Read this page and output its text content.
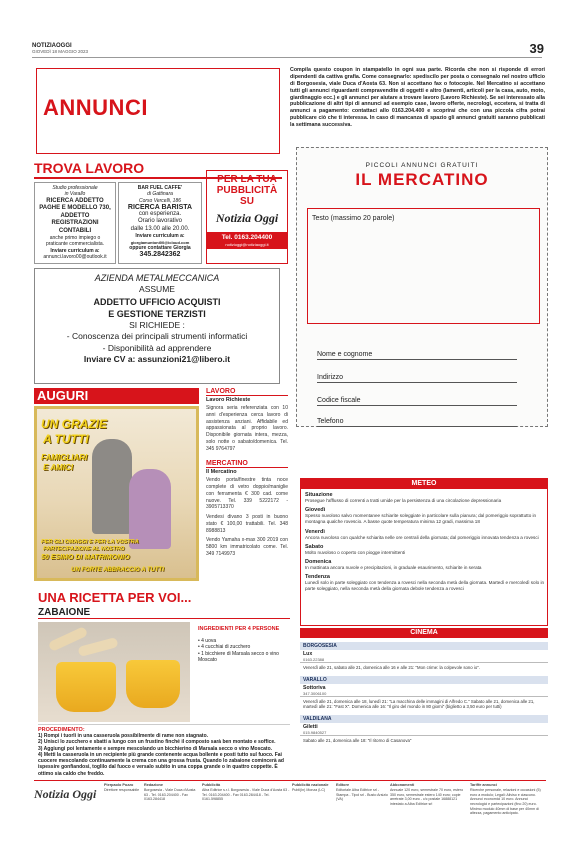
NOTIZIAOGGI
GIOVEDÌ 18 MAGGIO 2023	39
ANNUNCI
Compila questo coupon in stampatello in ogni sua parte. Ricorda che non si risponde di errori dipendenti da cattiva grafia. Come consegnarlo: spedisciIo per posta o consegnalo nel nostro ufficio di Borgosesia, viale Duca d'Aosta 63. Non si accettano fax o fotocopie. Nel Mercatino si accettano tutti gli annunci riguardanti compravendite di oggetti e altro (lamenti, articoli per la casa, auto, moto, giardinaggio ecc.) e gli annunci per aiutare a trovare lavoro (Lavoro Richieste). Se sei interessato alla pubblicazione di altri tipi di annunci ad esempio case, lavoro offerte, necrologi, eccetera, si tratta di annunci a pagamento: contattaci allo 0163.204.400 e scoprirai che con una piccola cifra potrai pubblicare ciò che ti interessa. In caso di mancanza di spazio gli annunci gratuiti saranno pubblicati la settimana successiva.
TROVA LAVORO
Studio professionale
in Varallo
RICERCA ADDETTO
PAGHE E MODELLO 730,
ADDETTO
REGISTRAZIONI
CONTABILI
anche primo impiego o
praticante commercialista.
Inviare curriculum a:
annunci.lavoro00@outlook.it
BAR FUEL CAFFE'
di Gattinara
Corso Vercelli, 186
RICERCA BARISTA
con esperienza.
Orario lavorativo
dalle 13.00 alle 20.00.
Inviare curriculum a:
giorgiamuntoni00@icloud.com
oppure contattare Giorgia
345.2842362
PER LA TUA
PUBBLICITÀ
SU
Notizia Oggi
Tel. 0163.204400
notizioggi@notiziaoggi.it
AZIENDA METALMECCANICA
ASSUME
ADDETTO UFFICIO ACQUISTI
E GESTIONE TERZISTI
SI RICHIEDE :
- Conoscenza dei principali strumenti informatici
- Disponibilità ad apprendere
Inviare CV a: assunzioni21@libero.it
PICCOLI ANNUNCI GRATUITI
IL MERCATINO
Testo (massimo 20 parole)
Nome e cognome
Indirizzo
Codice fiscale
Telefono
AUGURI
UN GRAZIE
A TUTTI
FAMIGLIARI
E AMICI
PER GLI OMAGGI E PER LA VOSTRA
PARTECIPAZIONE AL NOSTRO
50 ESIMO DI MATRIMONIO
UN FORTE ABBRACCIO A TUTTI
LAVORO
Lavoro Richieste
Signora seria referenziata con 10 anni d'esperienza cerca lavoro di assistenza anziani. Affidabile ed appassionata al proprio lavoro. Disponibile giornata intera, mezza, solo notte o sabato/domenica. Tel. 345 9764797
MERCATINO
Il Mercatino
Vendo porta/finestre tinta noce complete di vetro doppio/maniglie con ferramenta € 300 cad. come nuove. Tel. 339 5222172 - 3905713370
Vendesi divano 3 posti in buono stato € 100,00 trattabili. Tel. 348 8988813
Vendo Yamaha x-max 300 2019 con 5800 km immatricolato come. Tel. 349 7149973
METEO
Situazione
Prosegue l'afflusso di correnti a tratti umide per la persistenza di una circolazione depressionaria
Giovedì
Spesso nuvoloso salvo momentanee schiarite soleggiate in particolare sulla pianura; dal pomeriggio soprattutto in montagna qualche rovescio. A basse quote temperatura minima 12 gradi, massima 18
Venerdì
Ancora nuvoloso con qualche schiarita nelle ore centrali della giornata; dal pomeriggio innovata tendenza a rovesci
Sabato
Molto nuvoloso o coperto con piogge intermittenti
Domenica
In mattinata ancora nuvole e precipitazioni, in graduale esaurimento, schiarite in serata
Tendenza
Lunedì solo in parte soleggiato con tendenza a rovesci nella seconda metà della giornata. Martedì e mercoledì solo in parte soleggiato, nella seconda metà della giornata debole tendenza a rovesci
CINEMA
BORGOSESIA
Lux
0163.22388
Venerdì alle 21, sabato alle 21, domenica alle 16 e alle 21: "Mon crime: la colpevole sono io".
VARALLO
Sottoriva
347.3006100
Venerdì alle 21, domenica alle 18, lunedì 21: "La macchina delle immagini di Alfredo C." Sabato alle 21, domenica alle 21, martedì alle 21: "Fast X". Domenica alle 16: "Il giro del mondo in 80 giorni" (biglietto a 3,50 euro per tutti)
VALDILANA
Giletti
015.9840527
Sabato alle 21, domenica alle 18: "Il ritorno di Casanova"
UNA RICETTA PER VOI...
ZABAIONE
INGREDIENTI PER 4 PERSONE
• 4 uova
• 4 cucchiai di zucchero
• 1 bicchiere di Marsala secco o vino Moscato
PROCEDIMENTO:
1) Rompi i tuorli in una casseruola possibilmente di rame non stagnato.
2) Unisci lo zucchero e sbatti a lungo con un frustino finché il composto sarà ben montato e soffice.
3) Aggiungi poi lentamente e sempre mescolando un bicchierino di Marsala secco o vino Moscato.
4) Metti la casseruola in un recipiente più grande contenente acqua bollente e posti tutto sul fuoco. Fai cuocere mescolando continuamente la crema con una grossa frusta. Quando lo zabaione comincerà ad ispessire gonfiandosi, toglilo dal fuoco e versalo subito in una coppa grande o in quattro coppette. È ottimo sia caldo che freddo.
Notizia Oggi
Pierpaolo Pozzo
Direttore responsabile
Redazione
Borgosesia - Viale Duca d'Aosta 63 - Tel. 0163.204400 - Fax 0163.284418
Pubblicità
Alba Editrice s.r.l. Borgosesia - Viale Duca d'Aosta 63 - Tel. 0163.204400 - Fax 0163.284418 - Tel. 0161.598855
Pubblicità nazionale
Publi(In) Monza (LC)
Editore
Editoriale Alba Editrice srl - Stampa - Tipol srl - Busto Arsizio (VA)
Abbonamenti
Annuale 120 euro, semestrale 70 euro, estero 350 euro, semestrale estero 140 euro; copie arretrate 3,00 euro - c/c postale 16888121 intestato a Alba Editrice srl
Tariffe annunci
Ricerche personale, relazioni e occasioni (5) euro a modulo; Legali: Aliviso e ciascuno. Annunci economici 10 euro. Annunci necrologici e partecipazioni (fino 20) euro. Minimo modulo 40mm di base per 40mm di altezza, pagamento anticipato.
